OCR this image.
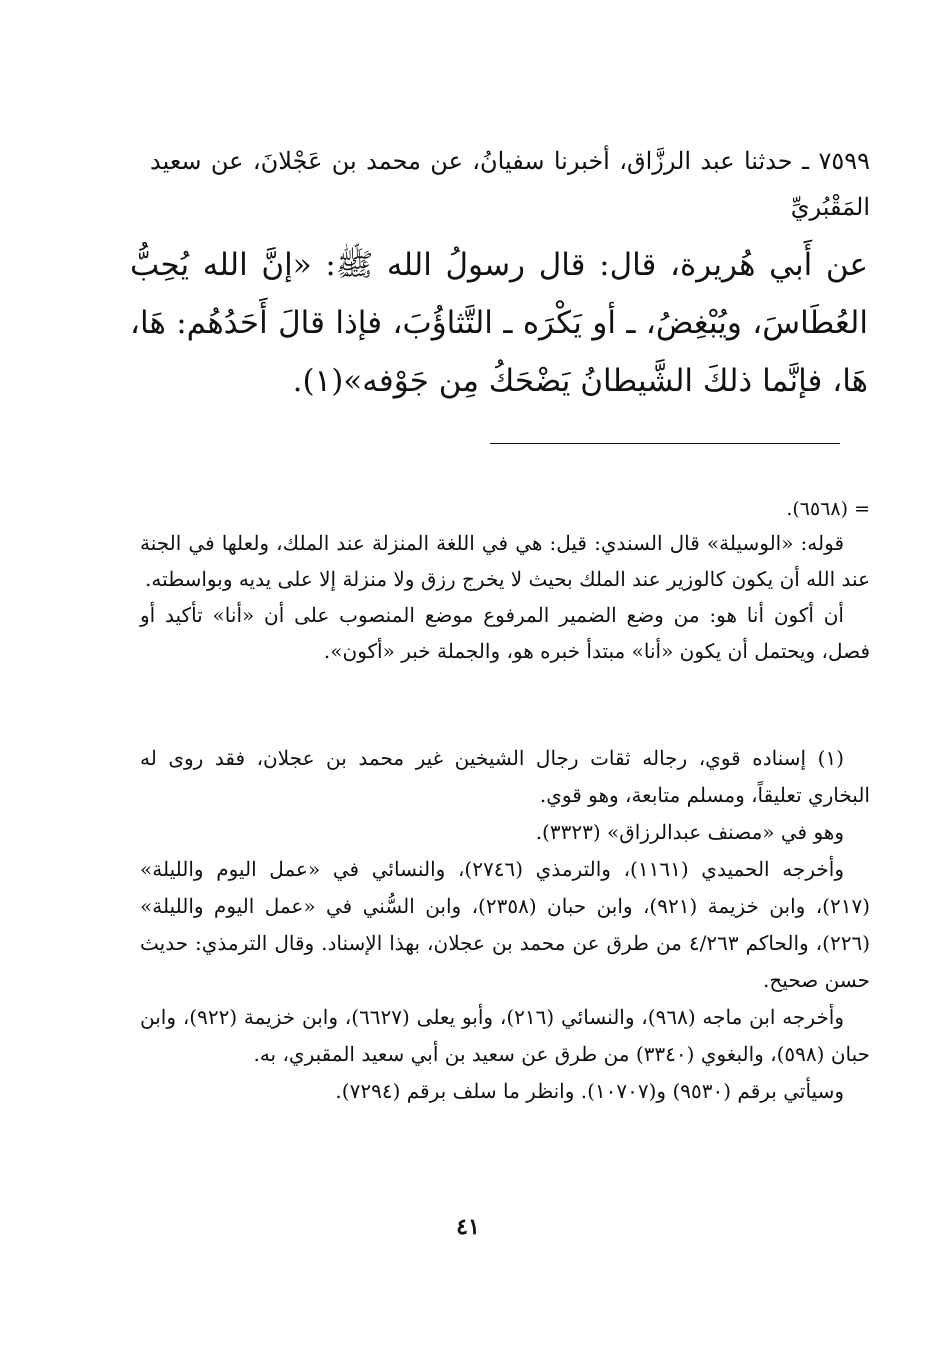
٧٥٩٩ ـ حدثنا عبد الرزَّاق، أخبرنا سفيانُ، عن محمد بن عَجْلانَ، عن سعيد المَقْبُريِّ
عن أَبي هُريرة، قال: قال رسولُ الله ﷺ: «إنَّ الله يُحِبُّ العُطَاسَ، ويُبْغِضُ، ـ أو يَكْرَه ـ التَّثاؤُبَ، فإذا قالَ أَحَدُهُم: هَا، هَا، فإنَّما ذلكَ الشَّيطانُ يَضْحَكُ مِن جَوْفه»(١).
= (٦٥٦٨).

قوله: «الوسيلة» قال السندي: قيل: هي في اللغة المنزلة عند الملك، ولعلها في الجنة عند الله أن يكون كالوزير عند الملك بحيث لا يخرج رزق ولا منزلة إلا على يديه وبواسطته.

أن أكون أنا هو: من وضع الضمير المرفوع موضع المنصوب على أن «أنا» تأكيد أو فصل، ويحتمل أن يكون «أنا» مبتدأ خبره هو، والجملة خبر «أكون».

(١) إسناده قوي، رجاله ثقات رجال الشيخين غير محمد بن عجلان، فقد روى له البخاري تعليقاً، ومسلم متابعة، وهو قوي.

وهو في «مصنف عبدالرزاق» (٣٣٢٣).

وأخرجه الحميدي (١١٦١)، والترمذي (٢٧٤٦)، والنسائي في «عمل اليوم والليلة» (٢١٧)، وابن خزيمة (٩٢١)، وابن حبان (٢٣٥٨)، وابن السُّني في «عمل اليوم والليلة» (٢٢٦)، والحاكم ٤/٢٦٣ من طرق عن محمد بن عجلان، بهذا الإسناد. وقال الترمذي: حديث حسن صحيح.

وأخرجه ابن ماجه (٩٦٨)، والنسائي (٢١٦)، وأبو يعلى (٦٦٢٧)، وابن خزيمة (٩٢٢)، وابن حبان (٥٩٨)، والبغوي (٣٣٤٠) من طرق عن سعيد بن أبي سعيد المقبري، به.

وسيأتي برقم (٩٥٣٠) و(١٠٧٠٧). وانظر ما سلف برقم (٧٢٩٤).

٤١
